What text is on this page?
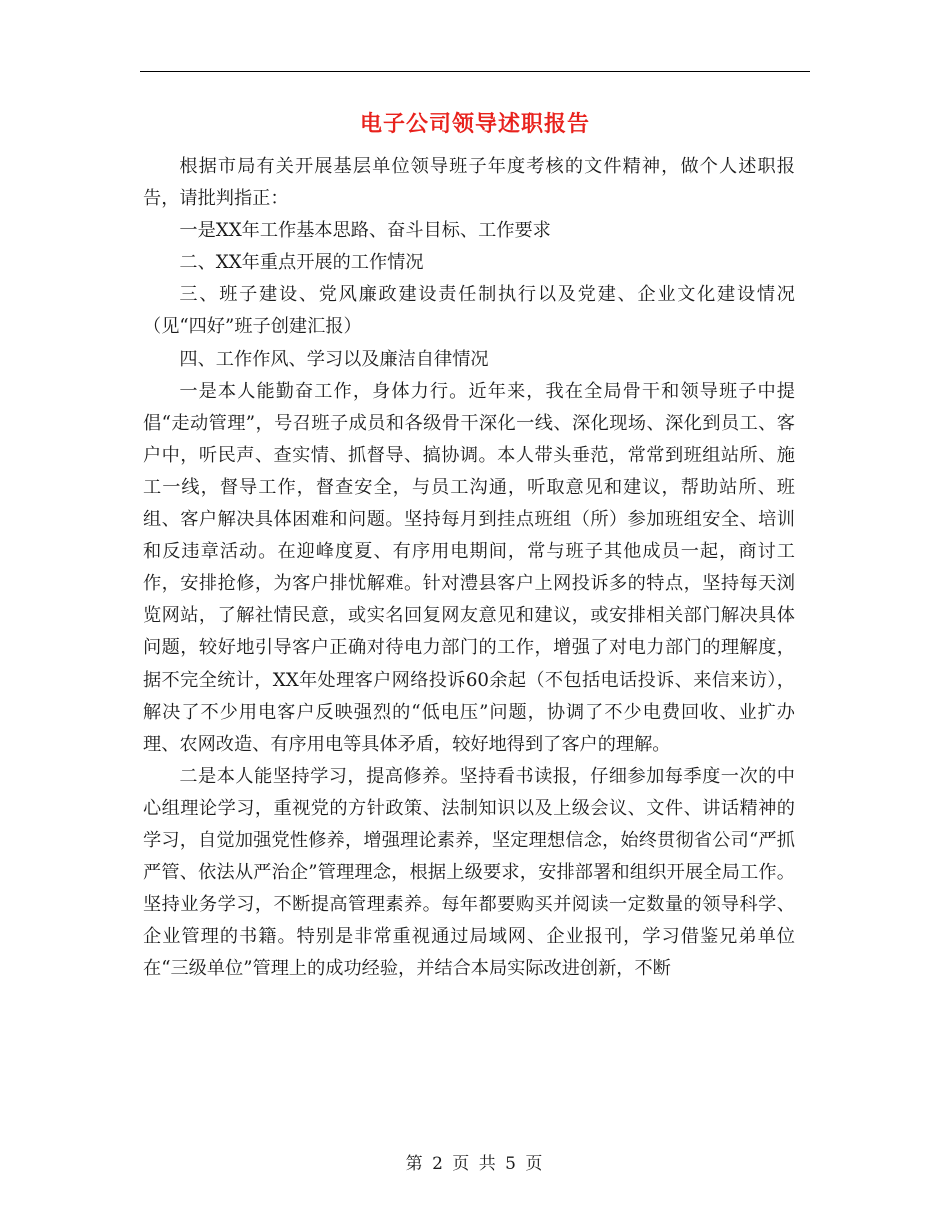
电子公司领导述职报告

根据市局有关开展基层单位领导班子年度考核的文件精神，做个人述职报告，请批判指正：

一是XX年工作基本思路、奋斗目标、工作要求

二、XX年重点开展的工作情况

三、班子建设、党风廉政建设责任制执行以及党建、企业文化建设情况（见“四好”班子创建汇报）

四、工作作风、学习以及廉洁自律情况

一是本人能勤奋工作，身体力行。近年来，我在全局骨干和领导班子中提倡“走动管理”，号召班子成员和各级骨干深化一线、深化现场、深化到员工、客户中，听民声、查实情、抓督导、搞协调。本人带头垂范，常常到班组站所、施工一线，督导工作，督查安全，与员工沟通，听取意见和建议，帮助站所、班组、客户解决具体困难和问题。坚持每月到挂点班组（所）参加班组安全、培训和反违章活动。在迎峰度夏、有序用电期间，常与班子其他成员一起，商讨工作，安排抢修，为客户排忧解难。针对澧县客户上网投诉多的特点，坚持每天浏览网站，了解社情民意，或实名回复网友意见和建议，或安排相关部门解决具体问题，较好地引导客户正确对待电力部门的工作，增强了对电力部门的理解度，据不完全统计，XX年处理客户网络投诉60余起（不包括电话投诉、来信来访），解决了不少用电客户反映强烈的“低电压”问题，协调了不少电费回收、业扩办理、农网改造、有序用电等具体矛盾，较好地得到了客户的理解。

二是本人能坚持学习，提高修养。坚持看书读报，仔细参加每季度一次的中心组理论学习，重视党的方针政策、法制知识以及上级会议、文件、讲话精神的学习，自觉加强党性修养，增强理论素养，坚定理想信念，始终贯彻省公司“严抓严管、依法从严治企”管理理念，根据上级要求，安排部署和组织开展全局工作。坚持业务学习，不断提高管理素养。每年都要购买并阅读一定数量的领导科学、企业管理的书籍。特别是非常重视通过局域网、企业报刊，学习借鉴兄弟单位在“三级单位”管理上的成功经验，并结合本局实际改进创新，不断

第 2 页 共 5 页
